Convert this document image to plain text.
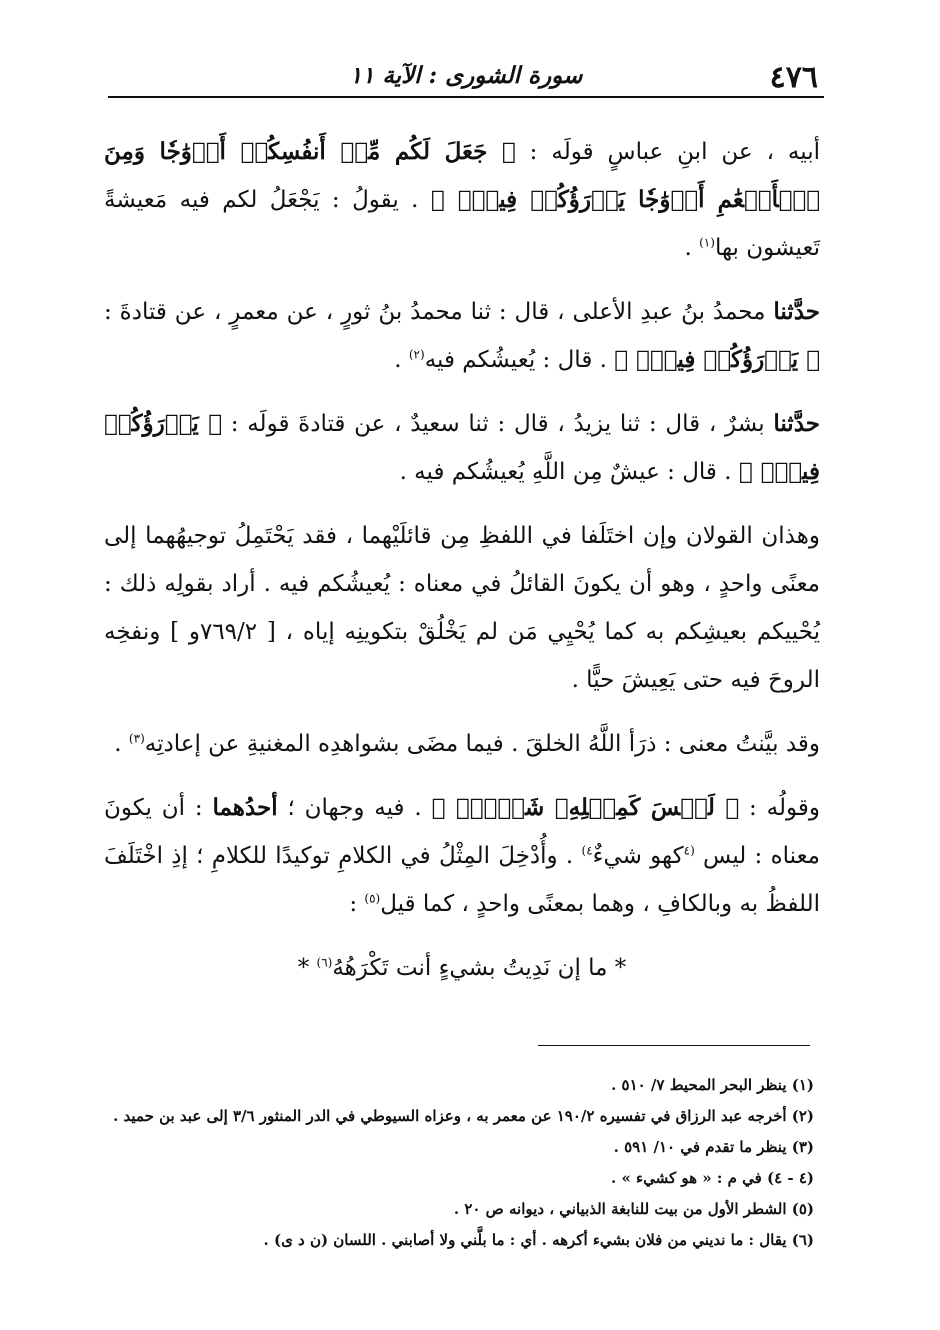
٤٧٦
سورة الشورى : الآية ١١

أبيه ، عن ابنِ عباسٍ قولَه : ﴿ جَعَلَ لَكُم مِّنۡ أَنفُسِكُمۡ أَزۡوَٰجٗا وَمِنَ ٱلۡأَنۡعَٰمِ أَزۡوَٰجٗا يَذۡرَؤُكُمۡ فِيهِۚ ﴾ . يقولُ : يَجْعَلُ لكم فيه مَعيشةً تَعيشون بها$^{(١)}$ .

حدَّثنا محمدُ بنُ عبدِ الأعلى ، قال : ثنا محمدُ بنُ ثورٍ ، عن معمرٍ ، عن قتادةَ : ﴿ يَذۡرَؤُكُمۡ فِيهِۚ ﴾ . قال : يُعيشُكم فيه$^{(٢)}$ .

حدَّثنا بشرٌ ، قال : ثنا يزيدُ ، قال : ثنا سعيدٌ ، عن قتادةَ قولَه : ﴿ يَذۡرَؤُكُمۡ فِيهِۚ ﴾ . قال : عيشٌ مِن اللَّهِ يُعيشُكم فيه .

وهذان القولان وإن اختَلَفا في اللفظِ مِن قائلَيْهما ، فقد يَحْتَمِلُ توجيهُهما إلى معنًى واحدٍ ، وهو أن يكونَ القائلُ في معناه : يُعيشُكم فيه . أراد بقولِه ذلك : يُحْييكم بعيشِكم به كما يُحْيِي مَن لم يَخْلُقْ بتكوينِه إياه ، [ ٧٦٩/٢و ] ونفخِه الروحَ فيه حتى يَعِيشَ حيًّا .

وقد بيَّنتُ معنى : ذرَأ اللَّهُ الخلقَ . فيما مضَى بشواهدِه المغنيةِ عن إعادتِه$^{(٣)}$ .

وقولُه : ﴿ لَيۡسَ كَمِثۡلِهِۦ شَيۡءٞۖ ﴾ . فيه وجهان ؛ أحدُهما : أن يكونَ معناه : ليس $^{(٤}$كهو شيءٌ$^{٤)}$ . وأُدْخِلَ المِثْلُ في الكلامِ توكيدًا للكلامِ ؛ إذِ اخْتَلَفَ اللفظُ به وبالكافِ ، وهما بمعنًى واحدٍ ، كما قيل$^{(٥)}$ :

* ما إن نَدِيتُ بشيءٍ أنت تَكْرَهُهُ$^{(٦)}$ *
(١) ينظر البحر المحيط ٧/ ٥١٠ .
(٢) أخرجه عبد الرزاق في تفسيره ١٩٠/٢ عن معمر به ، وعزاه السيوطي في الدر المنثور ٣/٦ إلى عبد بن حميد .
(٣) ينظر ما تقدم في ١٠/ ٥٩١ .
(٤ - ٤) في م : « هو كشيء » .
(٥) الشطر الأول من بيت للنابغة الذبياني ، ديوانه ص ٢٠ .
(٦) يقال : ما نديني من فلان بشيء أكرهه . أي : ما بلَّني ولا أصابني . اللسان (ن د ى) .
